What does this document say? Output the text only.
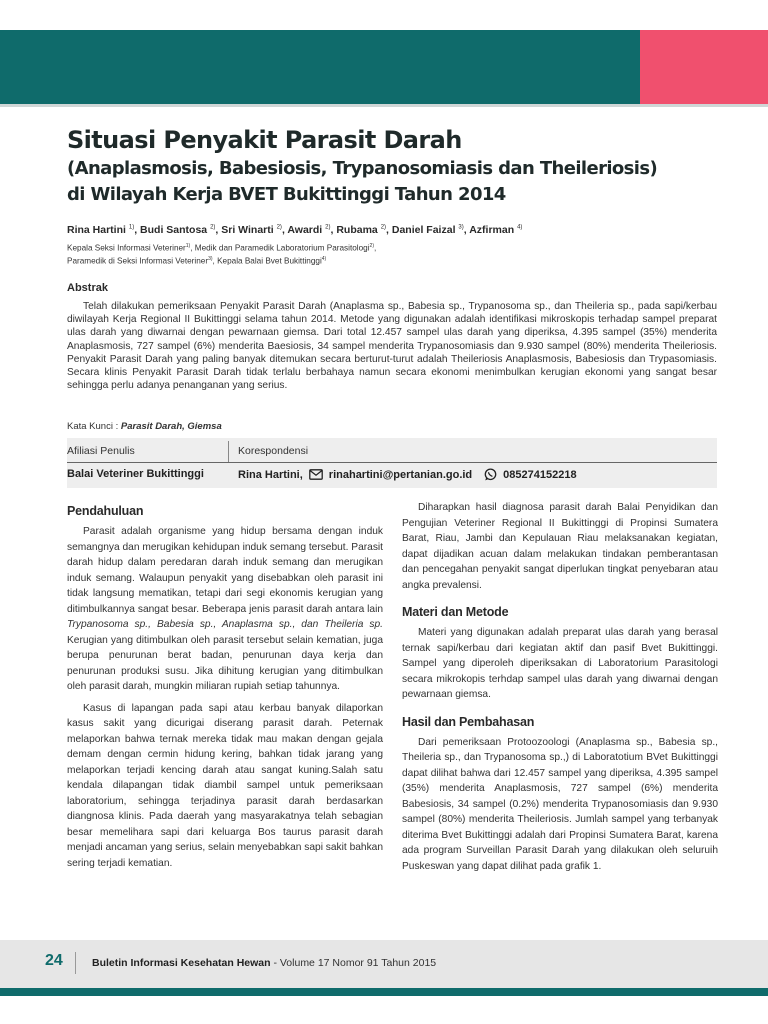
Situasi Penyakit Parasit Darah
(Anaplasmosis, Babesiosis, Trypanosomiasis dan Theileriosis)
di Wilayah Kerja BVET Bukittinggi Tahun 2014
Rina Hartini $^{1)}$, Budi Santosa $^{2)}$, Sri Winarti $^{2)}$, Awardi $^{2)}$, Rubama $^{2)}$, Daniel Faizal $^{3)}$, Azfirman $^{4)}$
Kepala Seksi Informasi Veteriner$^{1)}$, Medik dan Paramedik Laboratorium Parasitologi$^{2)}$,
Paramedik di Seksi Informasi Veteriner$^{3)}$, Kepala Balai Bvet Bukittinggi$^{4)}$
Abstrak
Telah dilakukan pemeriksaan Penyakit Parasit Darah (Anaplasma sp., Babesia sp., Trypanosoma sp., dan Theileria sp., pada sapi/kerbau diwilayah Kerja Regional II Bukittinggi selama tahun 2014. Metode yang digunakan adalah identifikasi mikroskopis terhadap sampel preparat ulas darah yang diwarnai dengan pewarnaan giemsa. Dari total 12.457 sampel ulas darah yang diperiksa, 4.395 sampel (35%) menderita Anaplasmosis, 727 sampel (6%) menderita Baesiosis, 34 sampel menderita Trypanosomiasis dan 9.930 sampel (80%) menderita Theileriosis. Penyakit Parasit Darah yang paling banyak ditemukan secara berturut-turut adalah Theileriosis Anaplasmosis, Babesiosis dan Trypasomiasis. Secara klinis Penyakit Parasit Darah tidak terlalu berbahaya namun secara ekonomi menimbulkan kerugian ekonomi yang sangat besar sehingga perlu adanya penanganan yang serius.
Kata Kunci : Parasit Darah, Giemsa
Afiliasi Penulis	Korespondensi
Balai Veteriner Bukittinggi	Rina Hartini, rinahartini@pertanian.go.id	085274152218
Pendahuluan

Parasit adalah organisme yang hidup bersama dengan induk semangnya dan merugikan kehidupan induk semang tersebut. Parasit darah hidup dalam peredaran darah induk semang dan merugikan induk semang. Walaupun penyakit yang disebabkan oleh parasit ini tidak langsung mematikan, tetapi dari segi ekonomis kerugian yang ditimbulkannya sangat besar. Beberapa jenis parasit darah antara lain Trypanosoma sp., Babesia sp., Anaplasma sp., dan Theileria sp. Kerugian yang ditimbulkan oleh parasit tersebut selain kematian, juga berupa penurunan berat badan, penurunan daya kerja dan penurunan produksi susu. Jika dihitung kerugian yang ditimbulkan oleh parasit darah, mungkin miliaran rupiah setiap tahunnya.

Kasus di lapangan pada sapi atau kerbau banyak dilaporkan kasus sakit yang dicurigai diserang parasit darah. Peternak melaporkan bahwa ternak mereka tidak mau makan dengan gejala demam dengan cermin hidung kering, bahkan tidak jarang yang melaporkan terjadi kencing darah atau sangat kuning.Salah satu kendala dilapangan tidak diambil sampel untuk pemeriksaan laboratorium, sehingga terjadinya parasit darah berdasarkan diangnosa klinis. Pada daerah yang masyarakatnya telah sebagian besar memelihara sapi dari keluarga Bos taurus parasit darah menjadi ancaman yang serius, selain menyebabkan sapi sakit bahkan sering terjadi kematian.

Diharapkan hasil diagnosa parasit darah Balai Penyidikan dan Pengujian Veteriner Regional II Bukittinggi di Propinsi Sumatera Barat, Riau, Jambi dan Kepulauan Riau melaksanakan kegiatan, dapat dijadikan acuan dalam melakukan tindakan pemberantasan dan pencegahan penyakit sangat diperlukan tingkat penyebaran atau angka prevalensi.

Materi dan Metode

Materi yang digunakan adalah preparat ulas darah yang berasal ternak sapi/kerbau dari kegiatan aktif dan pasif Bvet Bukittinggi. Sampel yang diperoleh diperiksakan di Laboratorium Parasitologi secara mikrokopis terhdap sampel ulas darah yang diwarnai dengan pewarnaan giemsa.

Hasil dan Pembahasan

Dari pemeriksaan Protoozoologi (Anaplasma sp., Babesia sp., Theileria sp., dan Trypanosoma sp.,) di Laboratotium BVet Bukittinggi dapat dilihat bahwa dari 12.457 sampel yang diperiksa, 4.395 sampel (35%) menderita Anaplasmosis, 727 sampel (6%) menderita Babesiosis, 34 sampel (0.2%) menderita Trypanosomiasis dan 9.930 sampel (80%) menderita Theileriosis. Jumlah sampel yang terbanyak diterima Bvet Bukittinggi adalah dari Propinsi Sumatera Barat, karena ada program Surveillan Parasit Darah yang dilakukan oleh seluruih Puskeswan yang dapat dilihat pada grafik 1.

24	Buletin Informasi Kesehatan Hewan - Volume 17 Nomor 91 Tahun 2015
